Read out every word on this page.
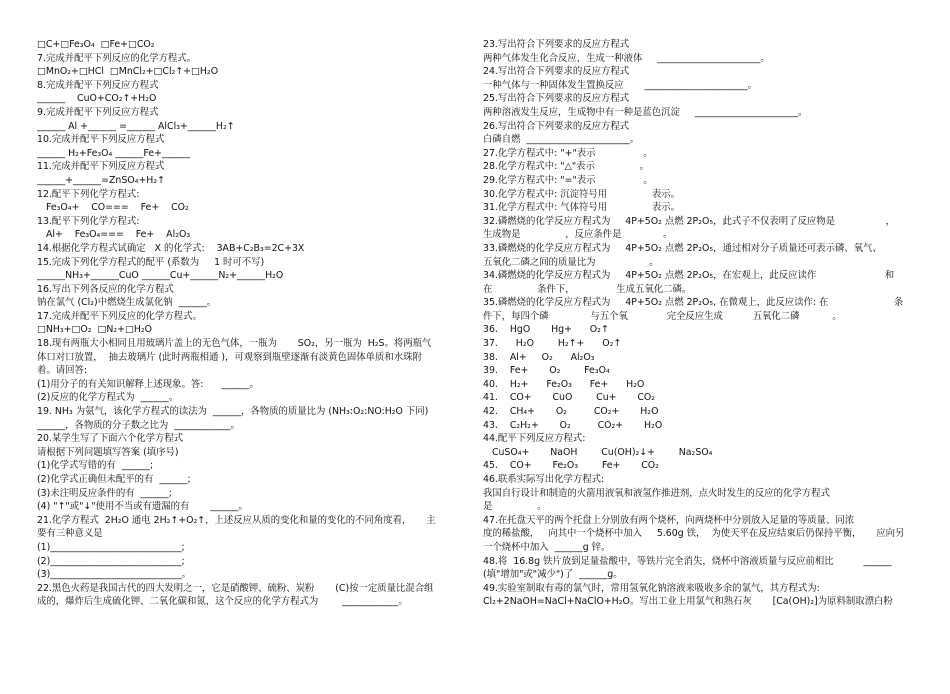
□C+□Fe₃O₄  □Fe+□CO₂
7.完成并配平下列反应的化学方程式。
□MnO₂+□HCl  □MnCl₂+□Cl₂↑+□H₂O
8.完成并配平下列反应方程式
______    CuO+CO₂↑+H₂O
9.完成并配平下列反应方程式
______ Al +______ =______ AlCl₃+______H₂↑
10.完成并配平下列反应方程式
______ H₂+Fe₃O₄ ______Fe+______
11.完成并配平下列反应方程式
______+______=ZnSO₄+H₂↑
12.配平下列化学方程式:
Fe₃O₄+    CO===    Fe+    CO₂
13.配平下列化学方程式:
Al+    Fe₃O₄===    Fe+    Al₂O₃
14.根据化学方程式试确定   X 的化学式:    3AB+C₂B₃=2C+3X
15.完成下列化学方程式的配平 (系数为     1 时可不写)
______NH₃+______CuO ______Cu+______N₂+______H₂O
16.写出下列各反应的化学方程式
钠在氯气 (Cl₂)中燃烧生成氯化钠  ______。
17.完成并配平下列反应的化学方程式。
□NH₃+□O₂  □N₂+□H₂O
18.现有两瓶大小相同且用玻璃片盖上的无色气体，一瓶为       SO₂，另一瓶为  H₂S。将两瓶气
体口对口放置，  抽去玻璃片 (此时两瓶相通 )，可观察到瓶壁逐渐有淡黄色固体单质和水珠附
着。请回答:
(1)用分子的有关知识解释上述现象。答:      ______。
(2)反应的化学方程式为  ______。
19. NH₃ 为氨气，该化学方程式的读法为  ______，各物质的质量比为 (NH₃:O₂:NO:H₂O 下同)
______，各物质的分子数之比为  ____________。
20.某学生写了下面六个化学方程式
请根据下列问题填写答案 (填序号)
(1)化学式写错的有  ______;
(2)化学式正确但未配平的有  ______;
(3)未注明反应条件的有  ______;
(4) "↑"或"↓"使用不当或有遗漏的有       ______。
21.化学方程式  2H₂O 通电 2H₂↑+O₂↑，上述反应从质的变化和量的变化的不同角度看，     主
要有三种意义是
(1)____________________________;
(2)____________________________;
(3)____________________________。
22.黑色火药是我国古代的四大发明之一，它是硝酸钾、硫粉、炭粉       (C)按一定质量比混合组
成的，爆炸后生成硫化钾、二氧化碳和氮，这个反应的化学方程式为        ____________。
23.写出符合下列要求的反应方程式
两种气体发生化合反应，生成一种液体     ______________________。
24.写出符合下列要求的反应方程式
一种气体与一种固体发生置换反应       ______________________。
25.写出符合下列要求的反应方程式
两种溶液发生反应，生成物中有一种是蓝色沉淀     ______________________。
26.写出符合下列要求的反应方程式
白磷自燃  ______________________。
27.化学方程式中: "+"表示                。
28.化学方程式中: "△"表示               。
29.化学方程式中: "="表示                。
30.化学方程式中: 沉淀符号用               表示。
31.化学方程式中: 气体符号用               表示。
32.磷燃烧的化学反应方程式为     4P+5O₂ 点燃 2P₂O₅，此式子不仅表明了反应物是                 ，
生成物是               ，反应条件是              。
33.磷燃烧的化学反应方程式为     4P+5O₂ 点燃 2P₂O₅，通过相对分子质量还可表示磷、氧气、
五氧化二磷之间的质量比为                  。
34.磷燃烧的化学反应方程式为     4P+5O₂ 点燃 2P₂O₅，在宏观上，此反应读作                       和
在               条件下，              生成五氧化二磷。
35.磷燃烧的化学反应方程式为     4P+5O₂ 点燃 2P₂O₅, 在微观上，此反应读作: 在                      条
件下，每四个磷              与五个氧             完全反应生成          五氧化二磷           。
36.    HgO       Hg+      O₂↑
37.      H₂O        H₂↑+      O₂↑
38.    Al+     O₂      Al₂O₃
39.    Fe+       O₂        Fe₃O₄
40.    H₂+      Fe₂O₃      Fe+      H₂O
41.    CO+       CuO        Cu+       CO₂
42.    CH₄+       O₂         CO₂+       H₂O
43.    C₂H₂+       O₂         CO₂+       H₂O
44.配平下列反应方程式:
CuSO₄+       NaOH        Cu(OH)₂↓+        Na₂SO₄
45.    CO+       Fe₂O₃        Fe+       CO₂
46.联系实际写出化学方程式:
我国自行设计和制造的火箭用液氧和液氢作推进剂，点火时发生的反应的化学方程式
是               。
47.在托盘天平的两个托盘上分别放有两个烧杯，向两烧杯中分别放入足量的等质量、同浓
度的稀盐酸，   向其中一个烧杯中加入     5.60g 铁，  为使天平在反应结束后仍保持平衡，     应向另
一个烧杯中加入  ______g 锌。
48.将  16.8g 铁片放到足量盐酸中，等铁片完全消失，烧杯中溶液质量与反应前相比          ______
(填"增加"或"减少")了  ______g。
49.实验室制取有毒的氯气时，常用氢氧化钠溶液来吸收多余的氯气，其方程式为:
Cl₂+2NaOH=NaCl+NaClO+H₂O。写出工业上用氯气和熟石灰       [Ca(OH)₂]为原料制取漂白粉
